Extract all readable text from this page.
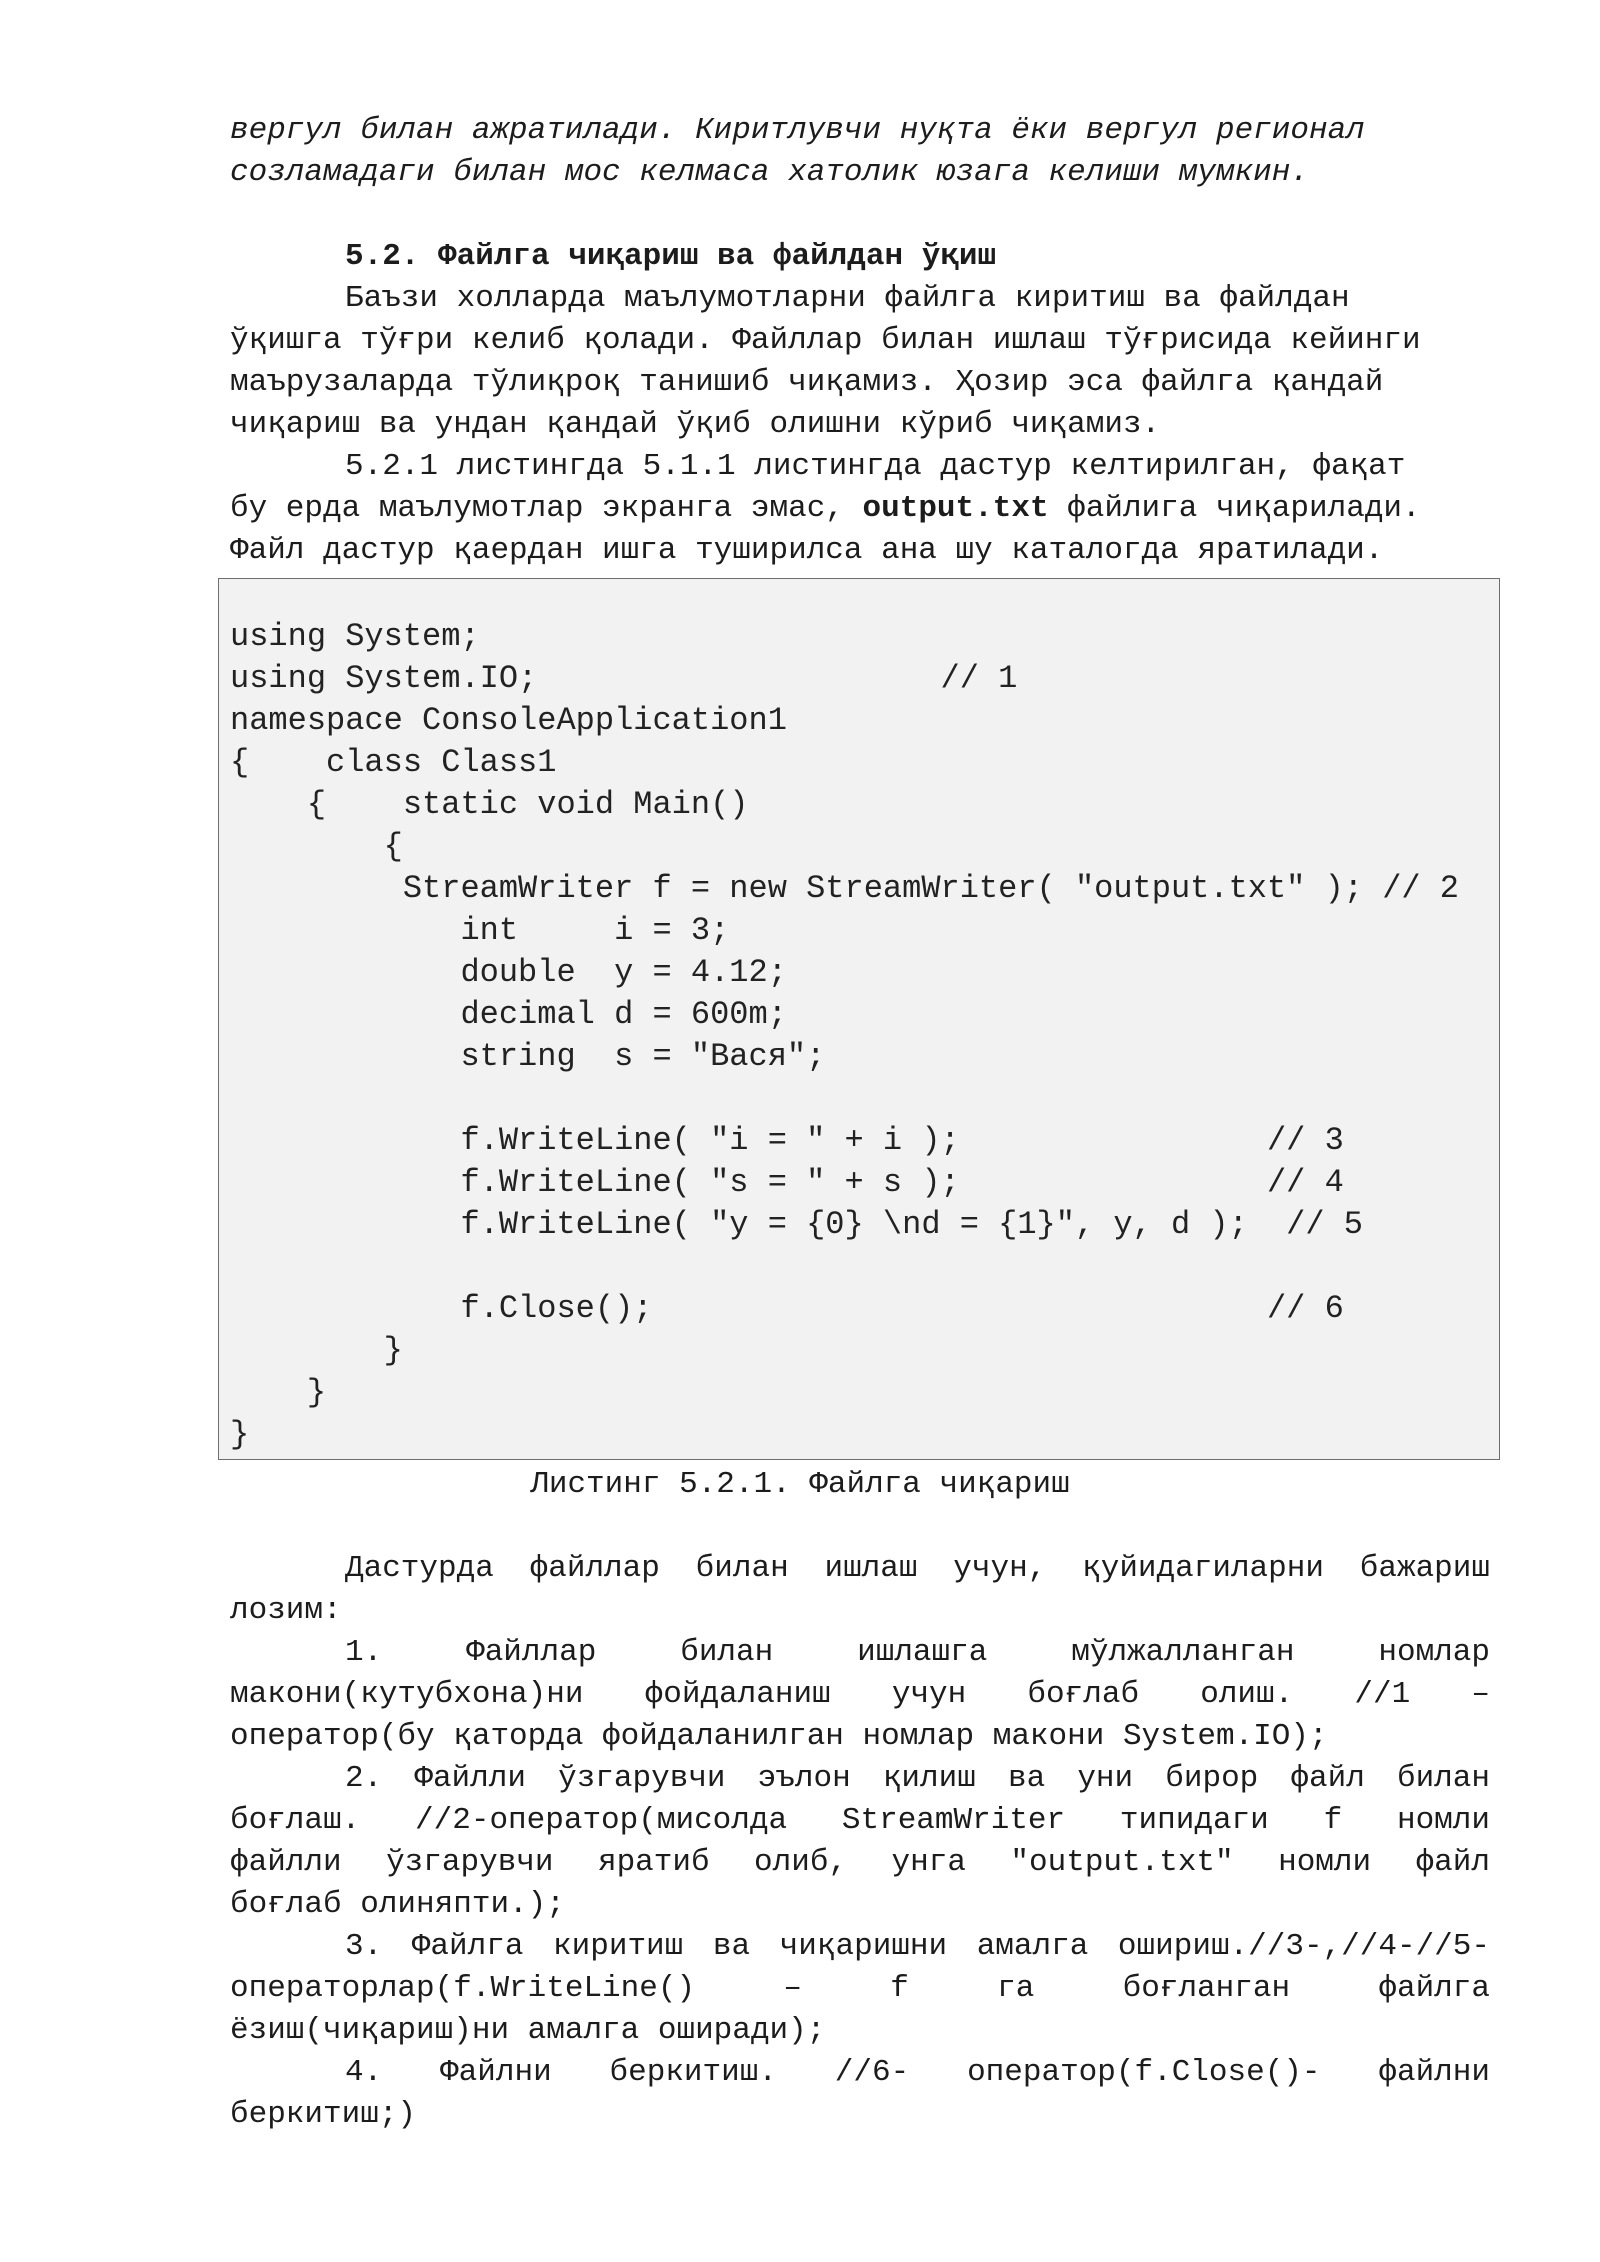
вергул билан ажратилади. Киритлувчи нуқта ёки вергул регионал
созламадаги билан мос келмаса хатолик юзага келиши мумкин.
5.2. Файлга чиқариш ва файлдан ўқиш
Баъзи холларда маълумотларни файлга киритиш ва файлдан
ўқишга тўғри келиб қолади. Файллар билан ишлаш тўғрисида кейинги
маърузаларда тўлиқроқ танишиб чиқамиз. Ҳозир эса файлга қандай
чиқариш ва ундан қандай ўқиб олишни кўриб чиқамиз.
5.2.1 листингда 5.1.1 листингда дастур келтирилган, фақат
бу ерда маълумотлар экранга эмас, output.txt файлига чиқарилади.
Файл дастур қаердан ишга туширилса ана шу каталогда яратилади.
using System;
using System.IO;                     // 1
namespace ConsoleApplication1
{    class Class1
{    static void Main()
{
StreamWriter f = new StreamWriter( "output.txt" ); // 2
int     i = 3;
double  y = 4.12;
decimal d = 600m;
string  s = "Вася";
f.WriteLine( "i = " + i );                // 3
f.WriteLine( "s = " + s );                // 4
f.WriteLine( "y = {0} \nd = {1}", y, d );  // 5
f.Close();                                // 6
}
}
}
Листинг 5.2.1. Файлга чиқариш
Дастурда файллар билан ишлаш учун, қуйидагиларни бажариш
лозим:
1.   Файллар   билан   ишлашга   мўлжалланган   номлар
макони(кутубхона)ни  фойдаланиш  учун  боғлаб  олиш.  //1  –
оператор(бу қаторда фойдаланилган номлар макони System.IO);
2. Файлли ўзгарувчи эълон қилиш ва уни бирор файл билан
боғлаш.  //2-оператор(мисолда  StreamWriter  типидаги  f  номли
файлли  ўзгарувчи  яратиб  олиб,  унга  "output.txt"  номли  файл
боғлаб олиняпти.);
3. Файлга киритиш ва чиқаришни амалга ошириш.//3-,//4-//5-
операторлар(f.WriteLine()   –   f   га   боғланган   файлга
ёзиш(чиқариш)ни амалга оширади);
4.  Файлни  беркитиш.  //6-  оператор(f.Close()-  файлни
беркитиш;)
